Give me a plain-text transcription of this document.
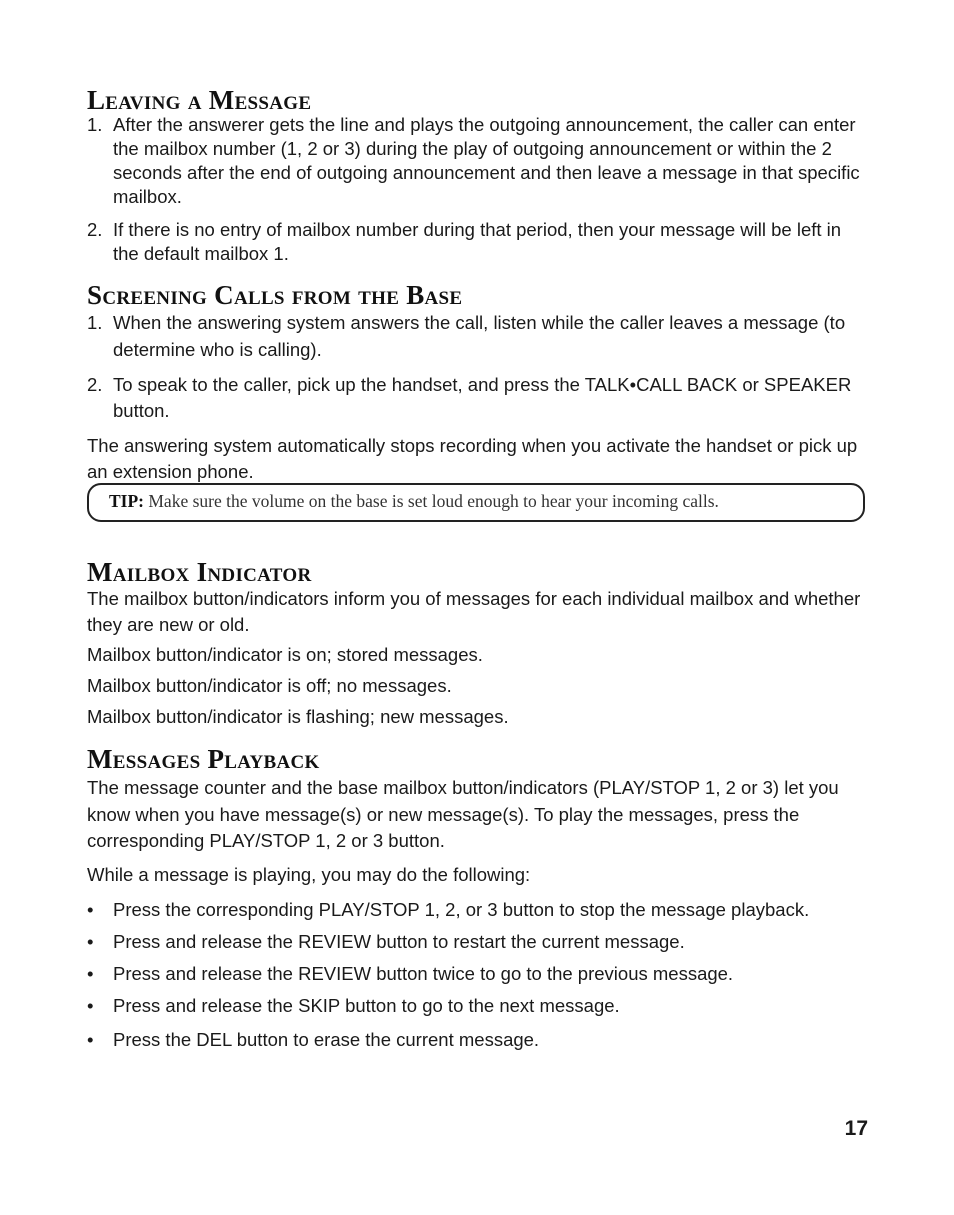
Leaving a Message
1. After the answerer gets the line and plays the outgoing announcement, the caller can enter the mailbox number (1, 2 or 3) during the play of outgoing announcement or within the 2 seconds after the end of outgoing announcement and then leave a message in that specific mailbox.
2. If there is no entry of mailbox number during that period, then your message will be left in the default mailbox 1.
Screening Calls from the Base
1. When the answering system answers the call, listen while the caller leaves a message (to determine who is calling).
2. To speak to the caller, pick up the handset, and press the TALK•CALL BACK or SPEAKER button.

The answering system automatically stops recording when you activate the handset or pick up an extension phone.

TIP: Make sure the volume on the base is set loud enough to hear your incoming calls.
Mailbox Indicator

The mailbox button/indicators inform you of messages for each individual mailbox and whether they are new or old.

Mailbox button/indicator is on; stored messages.

Mailbox button/indicator is off; no messages.

Mailbox button/indicator is flashing; new messages.

Messages Playback

The message counter and the base mailbox button/indicators (PLAY/STOP 1, 2 or 3) let you know when you have message(s) or new message(s). To play the messages, press the corresponding PLAY/STOP 1, 2 or 3 button.

While a message is playing, you may do the following:

• Press the corresponding PLAY/STOP 1, 2, or 3 button to stop the message playback.
• Press and release the REVIEW button to restart the current message.
• Press and release the REVIEW button twice to go to the previous message.
• Press and release the SKIP button to go to the next message.
• Press the DEL button to erase the current message.
17
